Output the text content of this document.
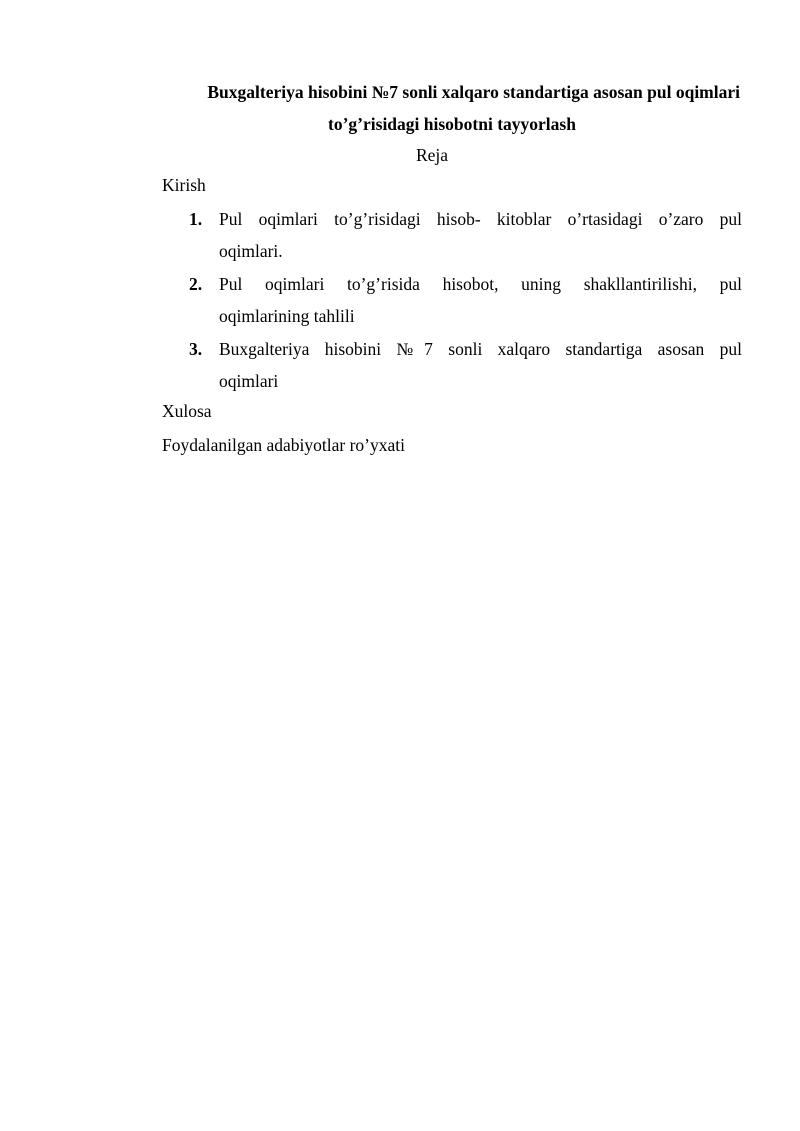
Buxgalteriya hisobini №7 sonli xalqaro standartiga asosan pul oqimlari
to’g’risidagi hisobotni tayyorlash
Reja
Kirish
1. Pul oqimlari to’g’risidagi hisob- kitoblar o’rtasidagi o’zaro pul
oqimlari.
2. Pul oqimlari to’g’risida hisobot, uning shakllantirilishi, pul
oqimlarining tahlili
3. Buxgalteriya hisobini №7 sonli xalqaro standartiga asosan pul
oqimlari
Xulosa
Foydalanilgan adabiyotlar ro’yxati
